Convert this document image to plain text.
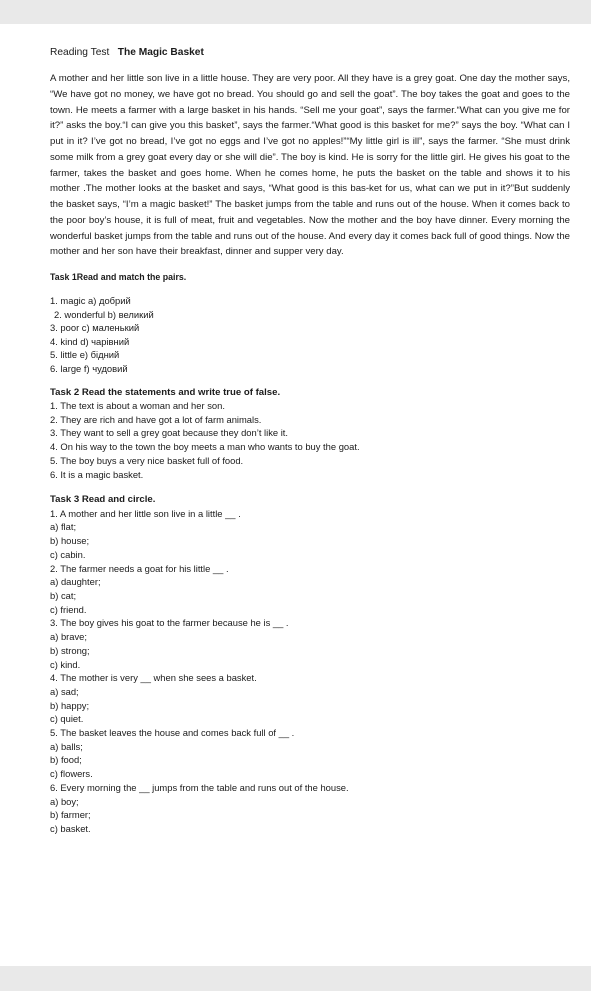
Reading Test The Magic Basket

A mother and her little son live in a little house. They are very poor. All they have is a grey goat. One day the mother says, “We have got no money, we have got no bread. You should go and sell the goat”. The boy takes the goat and goes to the town. He meets a farmer with a large basket in his hands. “Sell me your goat”, says the farmer.“What can you give me for it?” asks the boy.“I can give you this basket”, says the farmer.“What good is this basket for me?” says the boy. “What can I put in it? I’ve got no bread, I’ve got no eggs and I’ve got no apples!”“My little girl is ill”, says the farmer. “She must drink some milk from a grey goat every day or she will die”. The boy is kind. He is sorry for the little girl. He gives his goat to the farmer, takes the basket and goes home. When he comes home, he puts the basket on the table and shows it to his mother .The mother looks at the basket and says, “What good is this bas-ket for us, what can we put in it?”But suddenly the basket says, “I’m a magic basket!” The basket jumps from the table and runs out of the house. When it comes back to the poor boy’s house, it is full of meat, fruit and vegetables. Now the mother and the boy have dinner. Every morning the wonderful basket jumps from the table and runs out of the house. And every day it comes back full of good things. Now the mother and her son have their breakfast, dinner and supper very day.

Task 1Read and match the pairs.

1. magic a) добрий
2. wonderful b) великий
3. poor c) маленький
4. kind d) чарівний
5. little e) бідний
6. large f) чудовий

Task 2 Read the statements and write true of false.

1. The text is about a woman and her son.
2. They are rich and have got a lot of farm animals.
3. They want to sell a grey goat because they don’t like it.
4. On his way to the town the boy meets a man who wants to buy the goat.
5. The boy buys a very nice basket full of food.
6. It is a magic basket.

Task 3 Read and circle.

1. A mother and her little son live in a little __ .
a) flat;
b) house;
c) cabin.
2. The farmer needs a goat for his little __ .
a) daughter;
b) cat;
c) friend.
3. The boy gives his goat to the farmer because he is __ .
a) brave;
b) strong;
c) kind.
4. The mother is very __ when she sees a basket.
a) sad;
b) happy;
c) quiet.
5. The basket leaves the house and comes back full of __ .
a) balls;
b) food;
c) flowers.
6. Every morning the __ jumps from the table and runs out of the house.
a) boy;
b) farmer;
c) basket.
